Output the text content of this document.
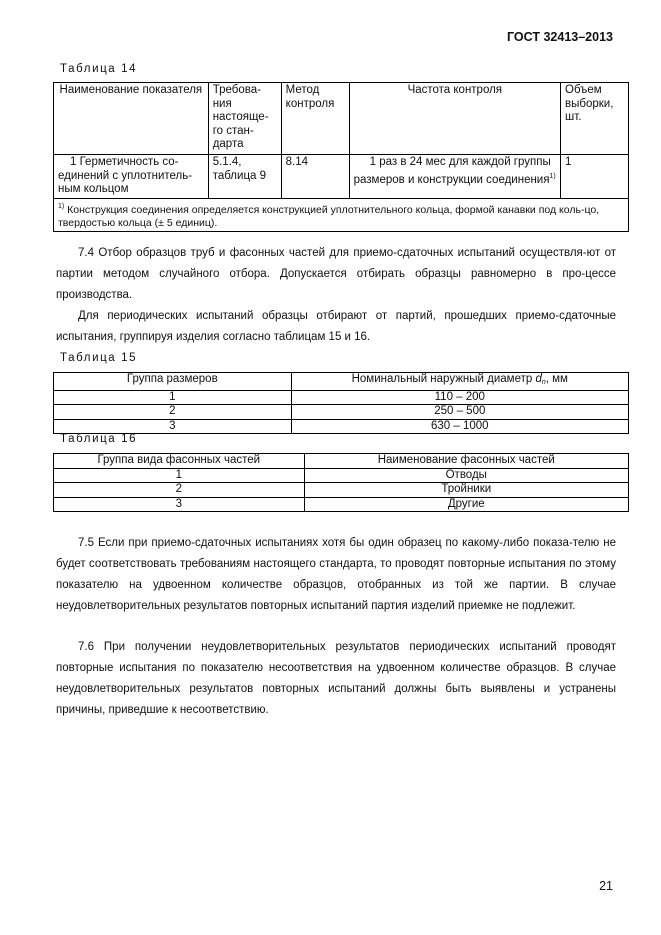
ГОСТ 32413–2013
Таблица 14
Наименование показателя	Требова-ния настояще-го стан-дарта	Метод контроля	Частота контроля	Объем выборки, шт.
1 Герметичность со-единений с уплотнитель-ным кольцом	5.1.4, таблица 9	8.14	1 раз в 24 мес для каждой группы размеров и конструкции соединения$^{1)}$	1
$^{1)}$ Конструкция соединения определяется конструкцией уплотнительного кольца, формой канавки под коль-цо, твердостью кольца (± 5 единиц).				
7.4 Отбор образцов труб и фасонных частей для приемо-сдаточных испытаний осуществля-ют от партии методом случайного отбора. Допускается отбирать образцы равномерно в про-цессе производства.
Для периодических испытаний образцы отбирают от партий, прошедших приемо-сдаточные испытания, группируя изделия согласно таблицам 15 и 16.
Таблица 15
Группа размеров	Номинальный наружный диаметр $d_n$, мм
1	110 – 200
2	250 – 500
3	630 – 1000
Таблица 16
Группа вида фасонных частей	Наименование фасонных частей
1	Отводы
2	Тройники
3	Другие
7.5 Если при приемо-сдаточных испытаниях хотя бы один образец по какому-либо показа-телю не будет соответствовать требованиям настоящего стандарта, то проводят повторные испытания по этому показателю на удвоенном количестве образцов, отобранных из той же партии. В случае неудовлетворительных результатов повторных испытаний партия изделий приемке не подлежит.
7.6 При получении неудовлетворительных результатов периодических испытаний проводят повторные испытания по показателю несоответствия на удвоенном количестве образцов. В случае неудовлетворительных результатов повторных испытаний должны быть выявлены и устранены причины, приведшие к несоответствию.
21
